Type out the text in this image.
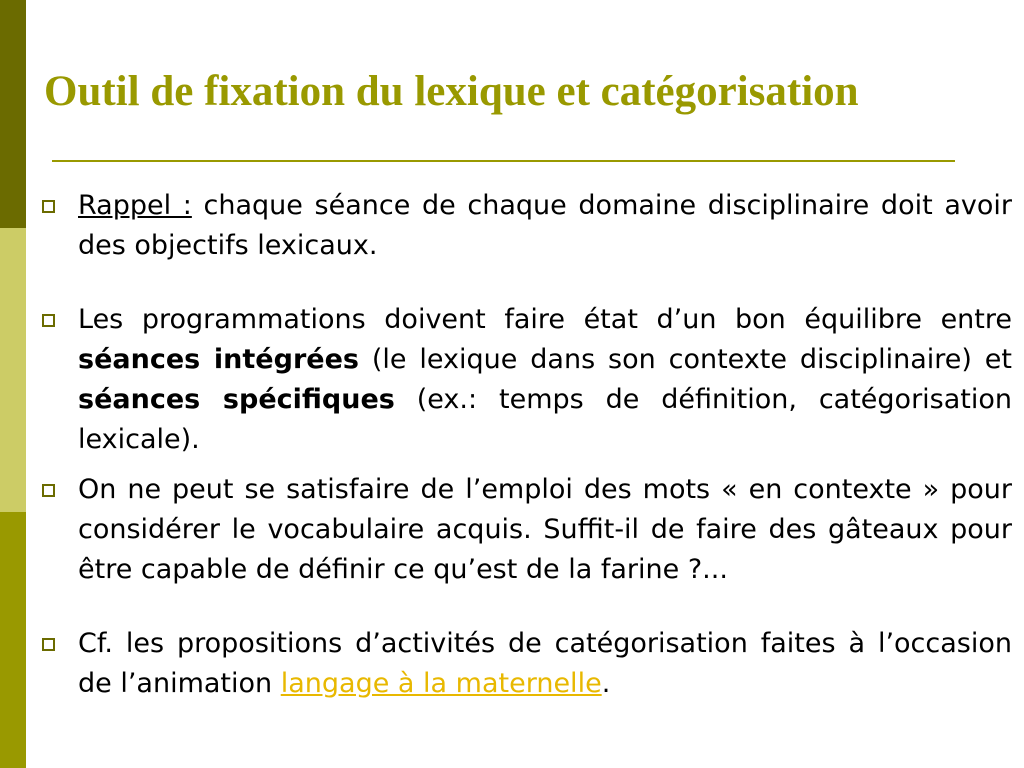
Outil de fixation du lexique et catégorisation
Rappel : chaque séance de chaque domaine disciplinaire doit avoir des objectifs lexicaux.
Les programmations doivent faire état d’un bon équilibre entre séances intégrées (le lexique dans son contexte disciplinaire) et séances spécifiques (ex.: temps de définition, catégorisation lexicale).
On ne peut se satisfaire de l’emploi des mots « en contexte » pour considérer le vocabulaire acquis. Suffit-il de faire des gâteaux pour être capable de définir ce qu’est de la farine ?...
Cf. les propositions d’activités de catégorisation faites à l’occasion de l’animation langage à la maternelle.
